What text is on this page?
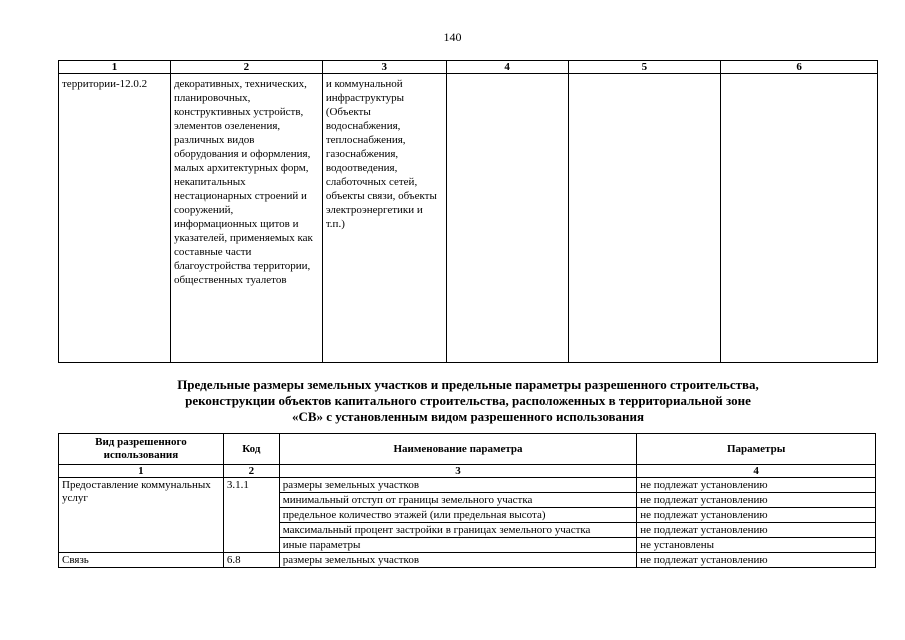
140
1	2	3	4	5	6
территории-12.0.2	декоративных, технических, планировочных, конструктивных устройств, элементов озеленения, различных видов оборудования и оформления, малых архитектурных форм, некапитальных нестационарных строений и сооружений, информационных щитов и указателей, применяемых как составные части благоустройства территории, общественных туалетов	и коммунальной инфраструктуры (Объекты водоснабжения, теплоснабжения, газоснабжения, водоотведения, слаботочных сетей, объекты связи, объекты электроэнергетики и т.п.)			
Предельные размеры земельных участков и предельные параметры разрешенного строительства,
реконструкции объектов капитального строительства, расположенных в территориальной зоне
«СВ» с установленным видом разрешенного использования
Вид разрешенного использования	Код	Наименование параметра	Параметры
1	2	3	4
Предоставление коммунальных услуг	3.1.1	размеры земельных участков	не подлежат установлению
		минимальный отступ от границы земельного участка	не подлежат установлению
		предельное количество этажей (или предельная высота)	не подлежат установлению
		максимальный процент застройки в границах земельного участка	не подлежат установлению
		иные параметры	не установлены
Связь	6.8	размеры земельных участков	не подлежат установлению
